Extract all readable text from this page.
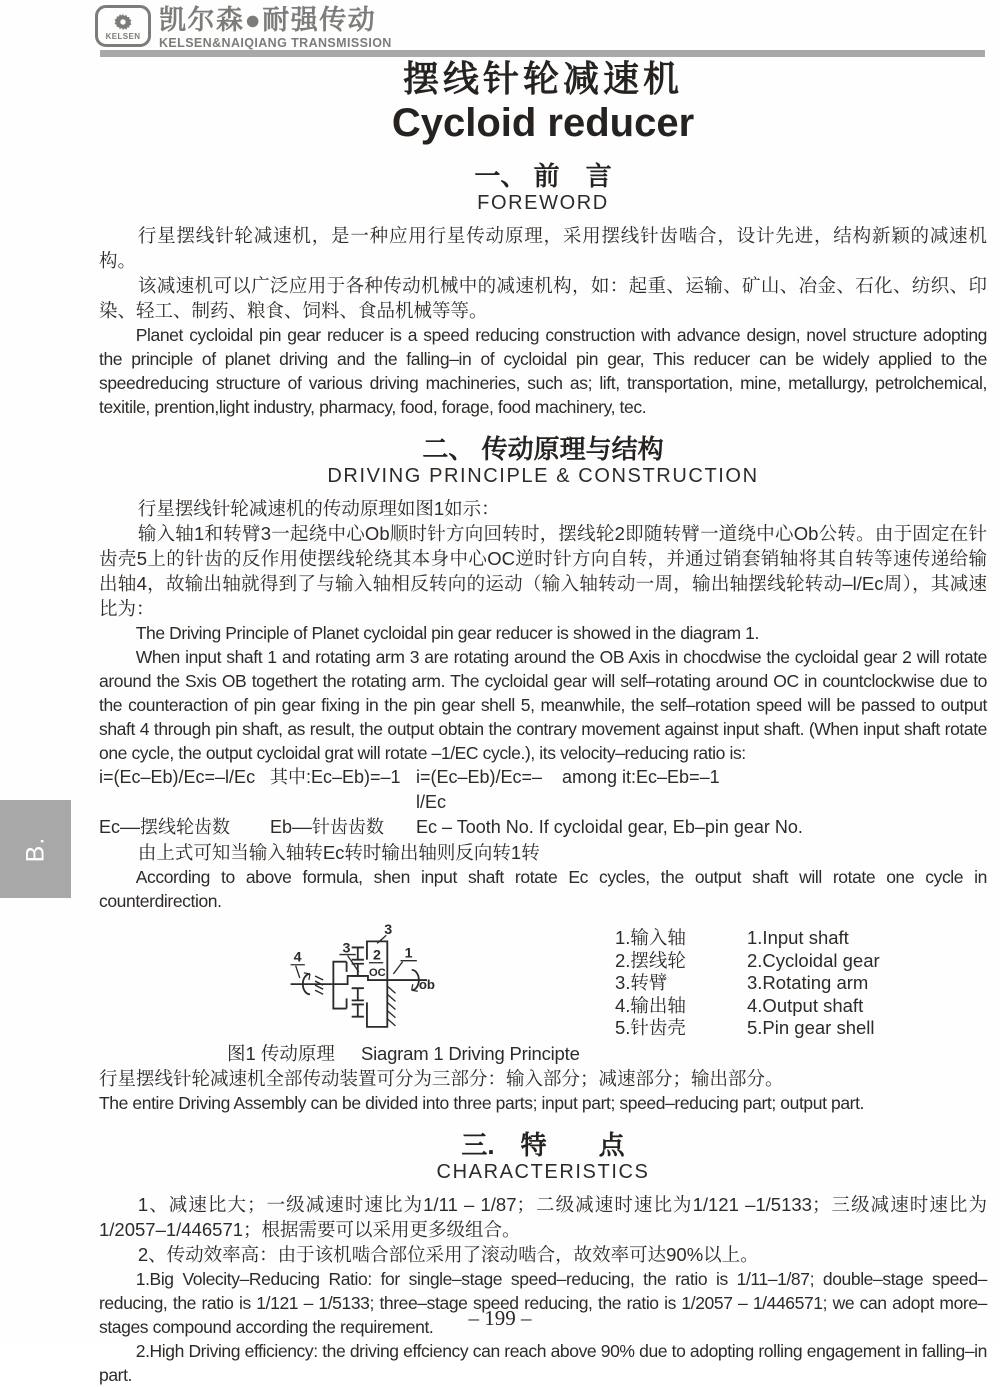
KELSEN
凯尔森●耐强传动
KELSEN&NAIQIANG TRANSMISSION
B.
摆线针轮减速机
Cycloid reducer
一、 前　言
FOREWORD

行星摆线针轮减速机，是一种应用行星传动原理，采用摆线针齿啮合，设计先进，结构新颖的减速机构。

该减速机可以广泛应用于各种传动机械中的减速机构，如：起重、运输、矿山、冶金、石化、纺织、印染、轻工、制药、粮食、饲料、食品机械等等。

Planet cycloidal pin gear reducer is a speed reducing construction with advance design, novel structure adopting the principle of planet driving and the falling–in of cycloidal pin gear, This reducer can be widely applied to the speedreducing structure of various driving machineries, such as; lift, transportation, mine, metallurgy, petrolchemical, texitile, prention,light industry, pharmacy, food, forage, food machinery, tec.

二、 传动原理与结构
DRIVING PRINCIPLE & CONSTRUCTION

行星摆线针轮减速机的传动原理如图1如示：

输入轴1和转臂3一起绕中心Ob顺时针方向回转时，摆线轮2即随转臂一道绕中心Ob公转。由于固定在针齿壳5上的针齿的反作用使摆线轮绕其本身中心OC逆时针方向自转，并通过销套销轴将其自转等速传递给输出轴4，故输出轴就得到了与输入轴相反转向的运动（输入轴转动一周，输出轴摆线轮转动–l/Ec周），其减速比为：

The Driving Principle of Planet cycloidal pin gear reducer is showed in the diagram 1.

When input shaft 1 and rotating arm 3 are rotating around the OB Axis in chocdwise the cycloidal gear 2 will rotate around the Sxis OB togethert the rotating arm. The cycloidal gear will self–rotating around OC in countclockwise due to the counteraction of pin gear fixing in the pin gear shell 5, meanwhile, the self–rotation speed will be passed to output shaft 4 through pin shaft, as result, the output obtain the contrary movement against input shaft. (When input shaft rotate one cycle, the output cycloidal grat will rotate –1/EC cycle.), its velocity–reducing ratio is:

i=(Ec–Eb)/Ec=–l/Ec 其中:Ec–Eb)=–1 i=(Ec–Eb)/Ec=–l/Ec
among it:Ec–Eb=–1
Ec––摆线轮齿数	Eb––针齿齿数	Ec – Tooth No. If cycloidal gear, Eb–pin gear No.

由上式可知当输入轴转Ec转时输出轴则反向转1转

According to above formula, shen input shaft rotate Ec cycles, the output shaft will rotate one cycle in counterdirection.

3
3 2 1
4
OC
ob
1.输入轴	1.Input shaft
2.摆线轮	2.Cycloidal gear
3.转臂	3.Rotating arm
4.输出轴	4.Output shaft
5.针齿壳	5.Pin gear shell
图1 传动原理 Siagram 1 Driving Principte

行星摆线针轮减速机全部传动装置可分为三部分：输入部分；减速部分；输出部分。

The entire Driving Assembly can be divided into three parts; input part; speed–reducing part; output part.

三.　特　　点
CHARACTERISTICS

1、减速比大；一级减速时速比为1/11 – 1/87；二级减速时速比为1/121 –1/5133；三级减速时速比为1/2057–1/446571；根据需要可以采用更多级组合。

2、传动效率高：由于该机啮合部位采用了滚动啮合，故效率可达90%以上。

1.Big Volecity–Reducing Ratio: for single–stage speed–reducing, the ratio is 1/11–1/87; double–stage speed–reducing, the ratio is 1/121 – 1/5133; three–stage speed reducing, the ratio is 1/2057 – 1/446571; we can adopt more–stages compound according the requirement.

2.High Driving efficiency: the driving effciency can reach above 90% due to adopting rolling engagement in falling–in part.

– 199 –
